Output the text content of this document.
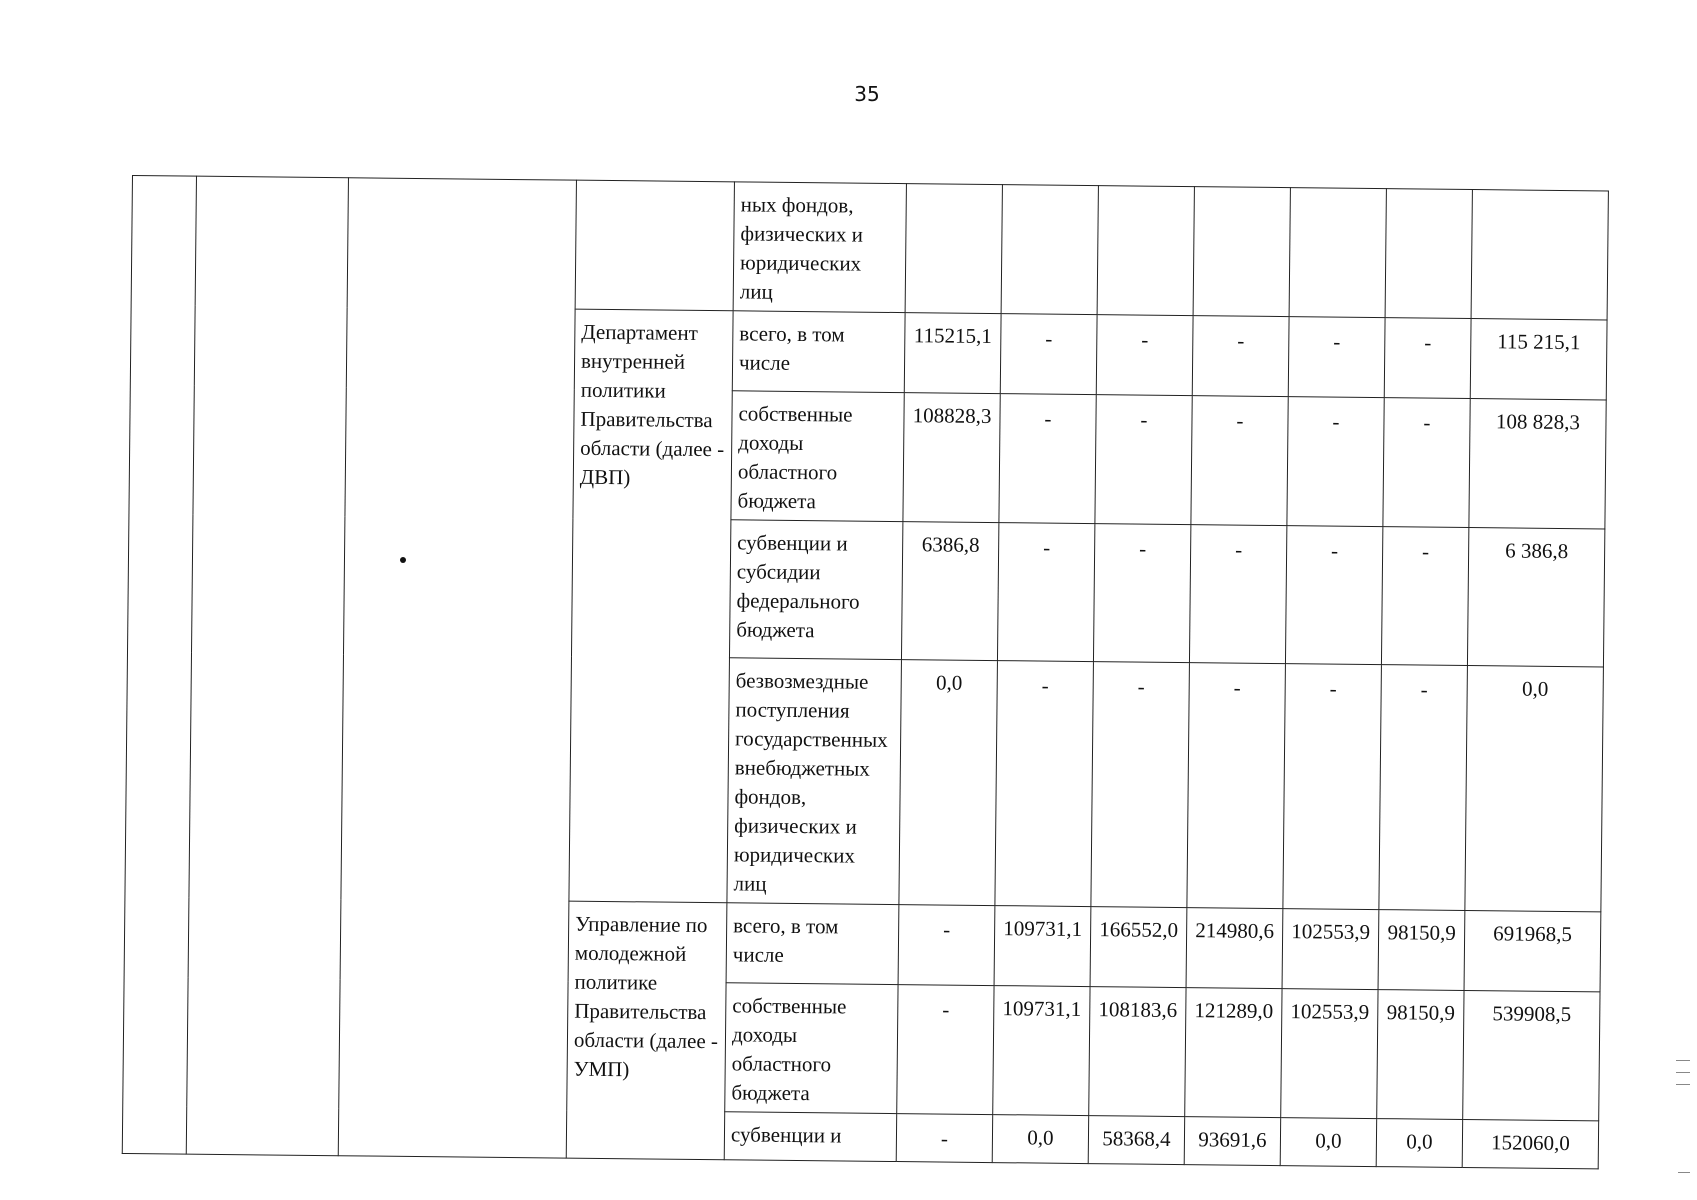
35
				ных фондов, физических и юридических лиц							
			Департамент внутренней политики Правительства области (далее - ДВП)	всего, в том числе	115215,1	-	-	-	-	-	115 215,1
				собственные доходы областного бюджета	108828,3	-	-	-	-	-	108 828,3
				субвенции и субсидии федерального бюджета	6386,8	-	-	-	-	-	6 386,8
				безвозмездные поступления государственных внебюджетных фондов, физических и юридических лиц	0,0	-	-	-	-	-	0,0
			Управление по молодежной политике Правительства области (далее - УМП)	всего, в том числе	-	109731,1	166552,0	214980,6	102553,9	98150,9	691968,5
				собственные доходы областного бюджета	-	109731,1	108183,6	121289,0	102553,9	98150,9	539908,5
				субвенции и	-	0,0	58368,4	93691,6	0,0	0,0	152060,0
